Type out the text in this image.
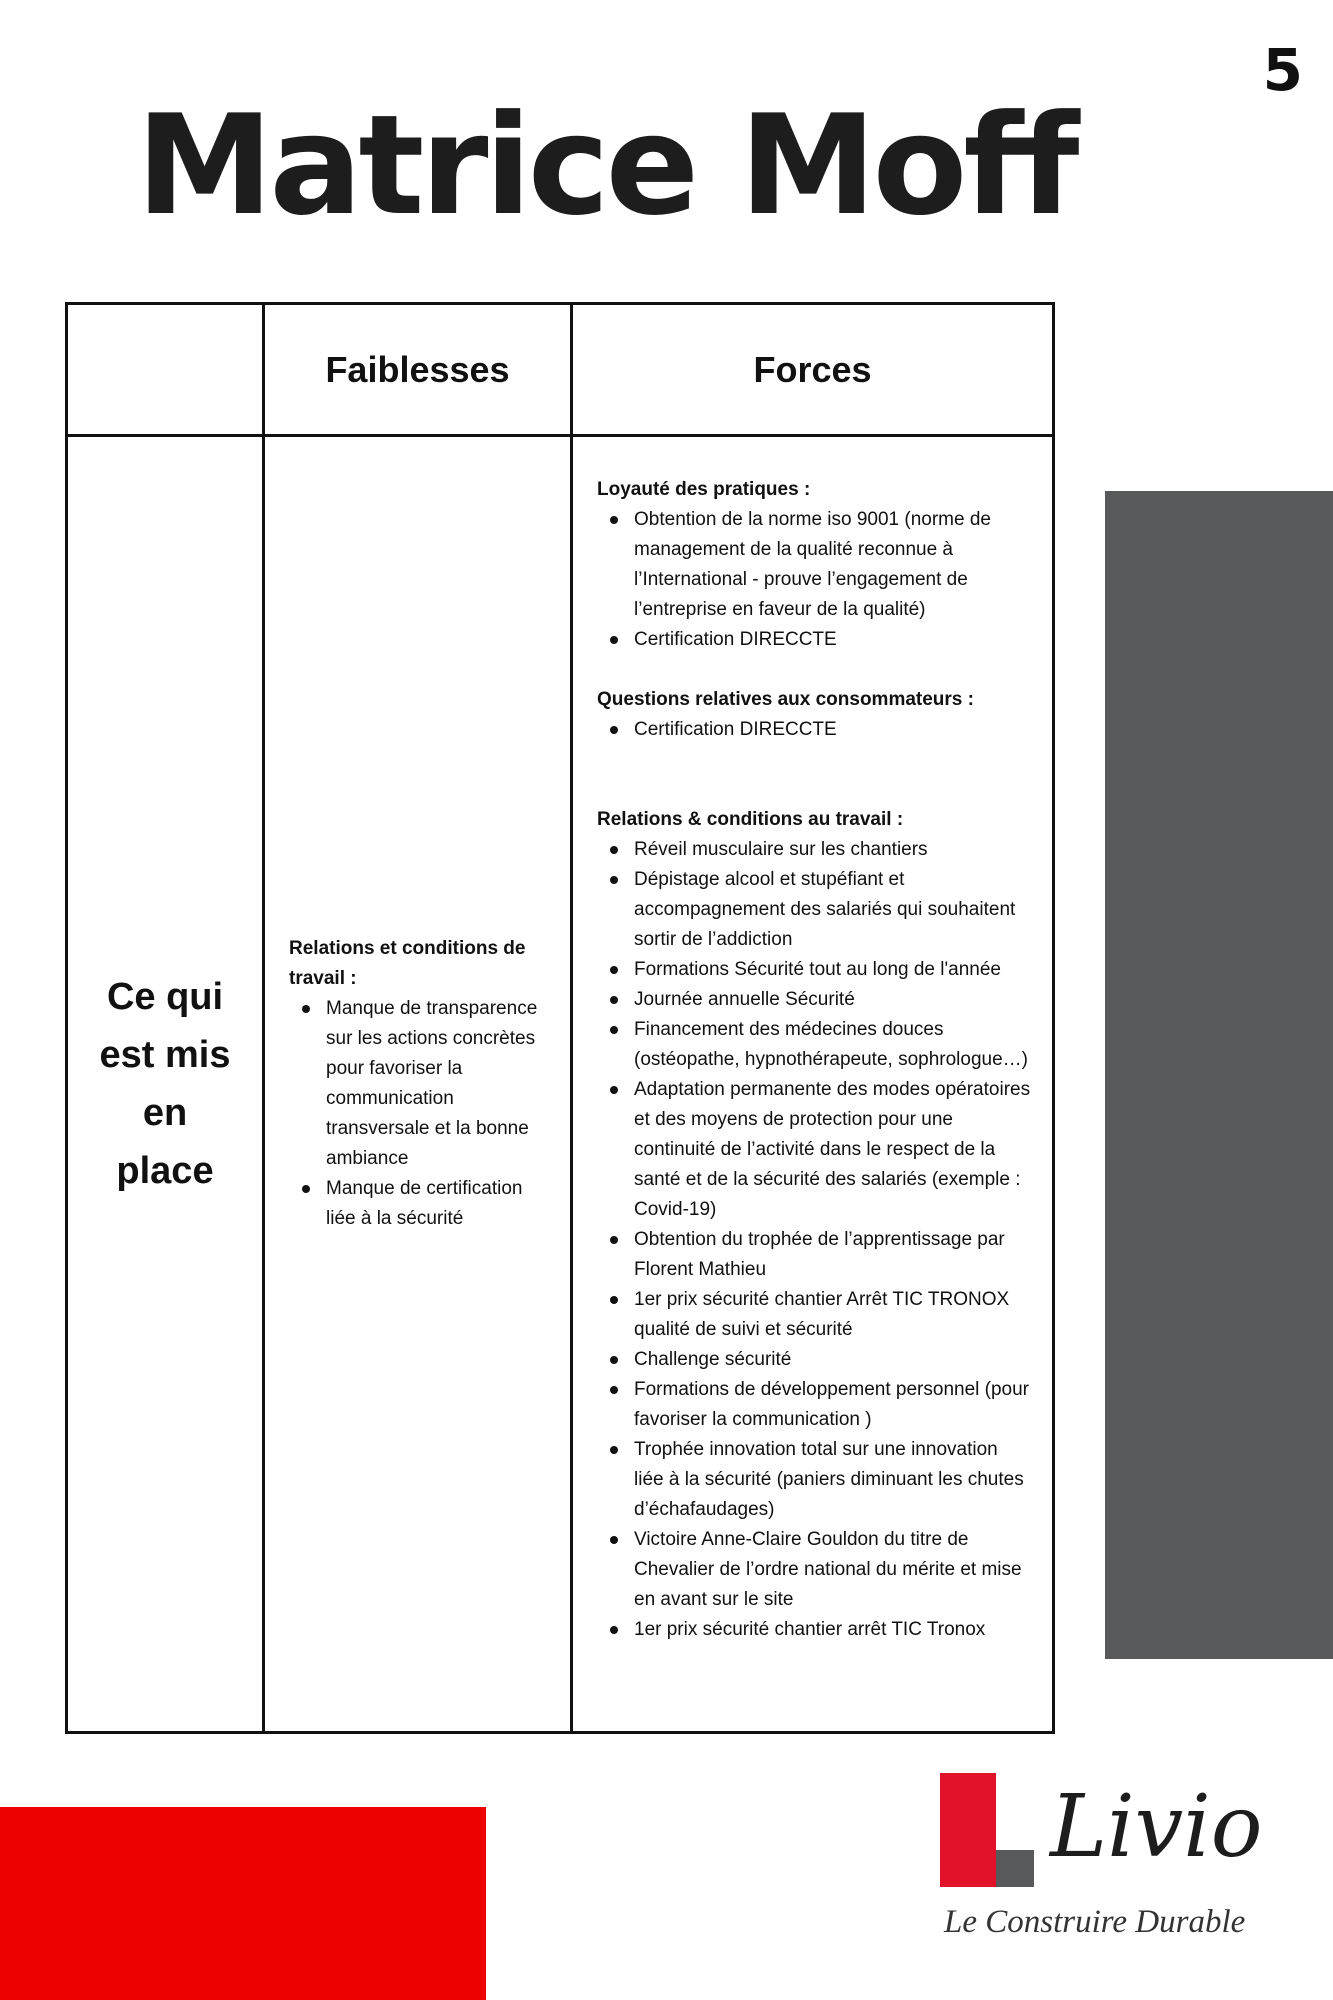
5
Matrice Moff
Faiblesses	Forces
Ce qui est mis en place
Relations et conditions de travail :
Manque de transparence sur les actions concrètes pour favoriser la communication transversale et la bonne ambiance
Manque de certification liée à la sécurité
Loyauté des pratiques :
Obtention de la norme iso 9001 (norme de management de la qualité reconnue à l’International - prouve l’engagement de l’entreprise en faveur de la qualité)
Certification DIRECCTE
Questions relatives aux consommateurs :
Certification DIRECCTE
Relations & conditions au travail :
Réveil musculaire sur les chantiers
Dépistage alcool et stupéfiant et accompagnement des salariés qui souhaitent sortir de l’addiction
Formations Sécurité tout au long de l'année
Journée annuelle Sécurité
Financement des médecines douces (ostéopathe, hypnothérapeute, sophrologue…)
Adaptation permanente des modes opératoires et des moyens de protection pour une continuité de l’activité dans le respect de la santé et de la sécurité des salariés (exemple : Covid-19)
Obtention du trophée de l’apprentissage par Florent Mathieu
1er prix sécurité chantier Arrêt TIC TRONOX qualité de suivi et sécurité
Challenge sécurité
Formations de développement personnel (pour favoriser la communication )
Trophée innovation total sur une innovation liée à la sécurité (paniers diminuant les chutes d’échafaudages)
Victoire Anne-Claire Gouldon du titre de Chevalier de l’ordre national du mérite et mise en avant sur le site
1er prix sécurité chantier arrêt TIC Tronox
Livio
Le Construire Durable
